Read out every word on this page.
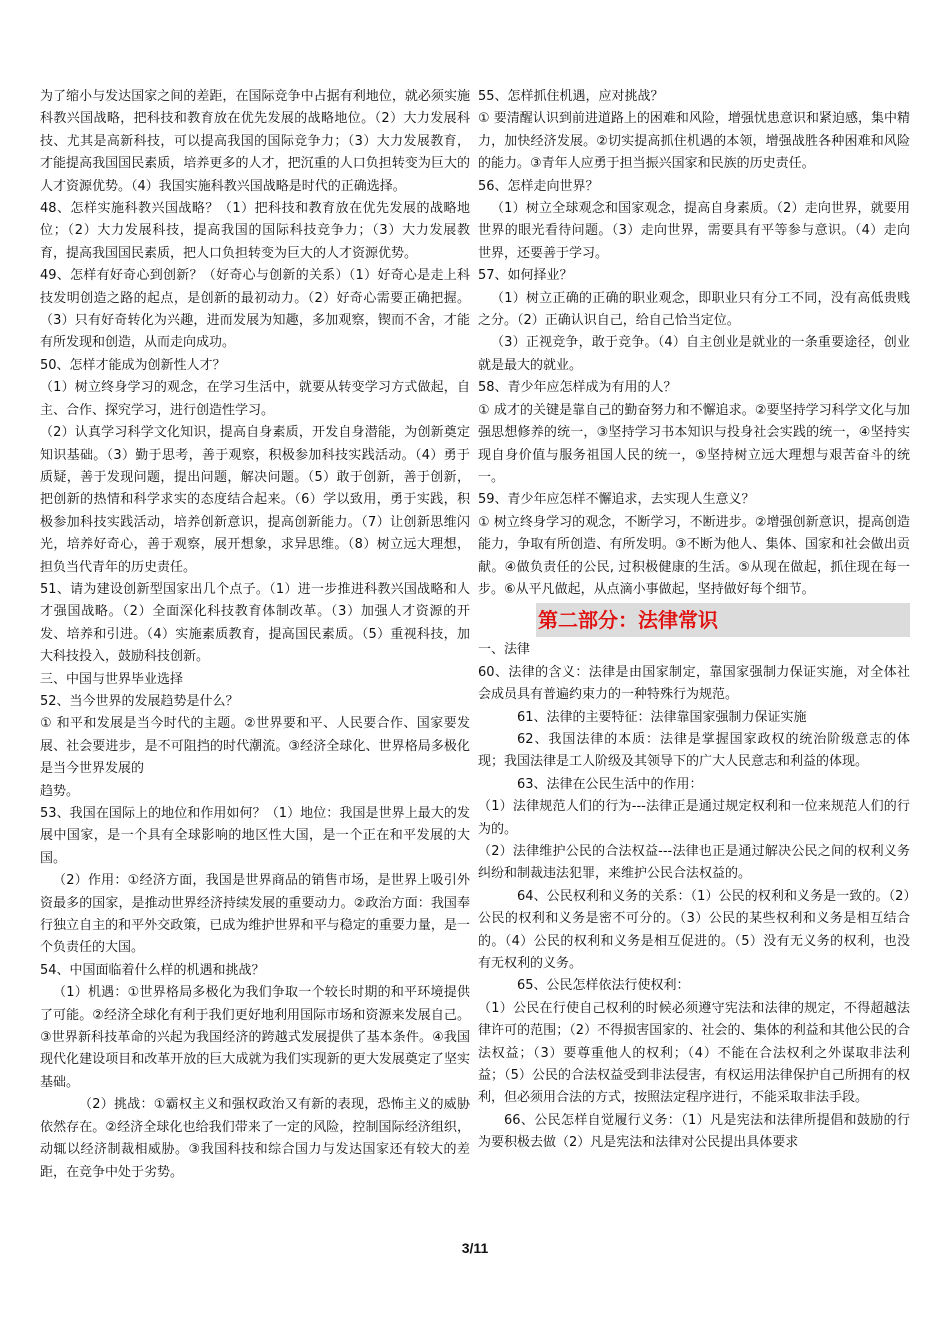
为了缩小与发达国家之间的差距，在国际竞争中占据有利地位，就必须实施科教兴国战略，把科技和教育放在优先发展的战略地位。（2）大力发展科技、尤其是高新科技，可以提高我国的国际竞争力；（3）大力发展教育，才能提高我国国民素质，培养更多的人才，把沉重的人口负担转变为巨大的人才资源优势。（4）我国实施科教兴国战略是时代的正确选择。

48、怎样实施科教兴国战略？（1）把科技和教育放在优先发展的战略地位；（2）大力发展科技，提高我国的国际科技竞争力；（3）大力发展教育，提高我国国民素质，把人口负担转变为巨大的人才资源优势。

49、怎样有好奇心到创新？（好奇心与创新的关系）（1）好奇心是走上科技发明创造之路的起点，是创新的最初动力。（2）好奇心需要正确把握。（3）只有好奇转化为兴趣，进而发展为知趣，多加观察，锲而不舍，才能有所发现和创造，从而走向成功。

50、怎样才能成为创新性人才？

（1）树立终身学习的观念，在学习生活中，就要从转变学习方式做起，自主、合作、探究学习，进行创造性学习。

（2）认真学习科学文化知识，提高自身素质，开发自身潜能，为创新奠定知识基础。（3）勤于思考，善于观察，积极参加科技实践活动。（4）勇于质疑，善于发现问题，提出问题，解决问题。（5）敢于创新，善于创新，把创新的热情和科学求实的态度结合起来。（6）学以致用，勇于实践，积极参加科技实践活动，培养创新意识，提高创新能力。（7）让创新思维闪光，培养好奇心，善于观察，展开想象，求异思维。（8）树立远大理想，担负当代青年的历史责任。

51、请为建设创新型国家出几个点子。（1）进一步推进科教兴国战略和人才强国战略。（2）全面深化科技教育体制改革。（3）加强人才资源的开发、培养和引进。（4）实施素质教育，提高国民素质。（5）重视科技，加大科技投入，鼓励科技创新。

三、中国与世界毕业选择

52、当今世界的发展趋势是什么？

① 和平和发展是当今时代的主题。②世界要和平、人民要合作、国家要发展、社会要进步，是不可阻挡的时代潮流。③经济全球化、世界格局多极化是当今世界发展的

趋势。

53、我国在国际上的地位和作用如何？（1）地位：我国是世界上最大的发展中国家，是一个具有全球影响的地区性大国，是一个正在和平发展的大国。

（2）作用：①经济方面，我国是世界商品的销售市场，是世界上吸引外资最多的国家，是推动世界经济持续发展的重要动力。②政治方面：我国奉行独立自主的和平外交政策，已成为维护世界和平与稳定的重要力量，是一个负责任的大国。

54、中国面临着什么样的机遇和挑战？

（1）机遇：①世界格局多极化为我们争取一个较长时期的和平环境提供了可能。②经济全球化有利于我们更好地利用国际市场和资源来发展自己。③世界新科技革命的兴起为我国经济的跨越式发展提供了基本条件。④我国现代化建设项目和改革开放的巨大成就为我们实现新的更大发展奠定了坚实基础。

（2）挑战：①霸权主义和强权政治又有新的表现，恐怖主义的威胁依然存在。②经济全球化也给我们带来了一定的风险，控制国际经济组织，动辄以经济制裁相威胁。③我国科技和综合国力与发达国家还有较大的差距，在竞争中处于劣势。

55、怎样抓住机遇，应对挑战？

① 要清醒认识到前进道路上的困难和风险，增强忧患意识和紧迫感，集中精力，加快经济发展。②切实提高抓住机遇的本领，增强战胜各种困难和风险的能力。③青年人应勇于担当振兴国家和民族的历史责任。

56、怎样走向世界？

（1）树立全球观念和国家观念，提高自身素质。（2）走向世界，就要用世界的眼光看待问题。（3）走向世界，需要具有平等参与意识。（4）走向世界，还要善于学习。

57、如何择业？

（1）树立正确的正确的职业观念，即职业只有分工不同，没有高低贵贱之分。（2）正确认识自己，给自己恰当定位。

（3）正视竞争，敢于竞争。（4）自主创业是就业的一条重要途径，创业就是最大的就业。

58、青少年应怎样成为有用的人？

① 成才的关键是靠自己的勤奋努力和不懈追求。②要坚持学习科学文化与加强思想修养的统一，③坚持学习书本知识与投身社会实践的统一，④坚持实现自身价值与服务祖国人民的统一，⑤坚持树立远大理想与艰苦奋斗的统一。

59、青少年应怎样不懈追求，去实现人生意义？

① 树立终身学习的观念，不断学习，不断进步。②增强创新意识，提高创造能力，争取有所创造、有所发明。③不断为他人、集体、国家和社会做出贡献。④做负责任的公民, 过积极健康的生活。⑤从现在做起，抓住现在每一步。⑥从平凡做起，从点滴小事做起，坚持做好每个细节。

第二部分：法律常识

一、法律

60、法律的含义：法律是由国家制定，靠国家强制力保证实施，对全体社会成员具有普遍约束力的一种特殊行为规范。

61、法律的主要特征：法律靠国家强制力保证实施

62、我国法律的本质：法律是掌握国家政权的统治阶级意志的体现；我国法律是工人阶级及其领导下的广大人民意志和利益的体现。

63、法律在公民生活中的作用：

（1）法律规范人们的行为---法律正是通过规定权利和一位来规范人们的行为的。

（2）法律维护公民的合法权益---法律也正是通过解决公民之间的权利义务纠纷和制裁违法犯罪，来维护公民合法权益的。

64、公民权利和义务的关系：（1）公民的权利和义务是一致的。（2）公民的权利和义务是密不可分的。（3）公民的某些权利和义务是相互结合的。（4）公民的权利和义务是相互促进的。（5）没有无义务的权利，也没有无权利的义务。

65、公民怎样依法行使权利：

（1）公民在行使自己权利的时候必须遵守宪法和法律的规定，不得超越法律许可的范围；（2）不得损害国家的、社会的、集体的利益和其他公民的合法权益；（3）要尊重他人的权利；（4）不能在合法权利之外谋取非法利益；（5）公民的合法权益受到非法侵害，有权运用法律保护自己所拥有的权利，但必须用合法的方式，按照法定程序进行，不能采取非法手段。

66、公民怎样自觉履行义务：（1）凡是宪法和法律所提倡和鼓励的行为要积极去做（2）凡是宪法和法律对公民提出具体要求

3/11
